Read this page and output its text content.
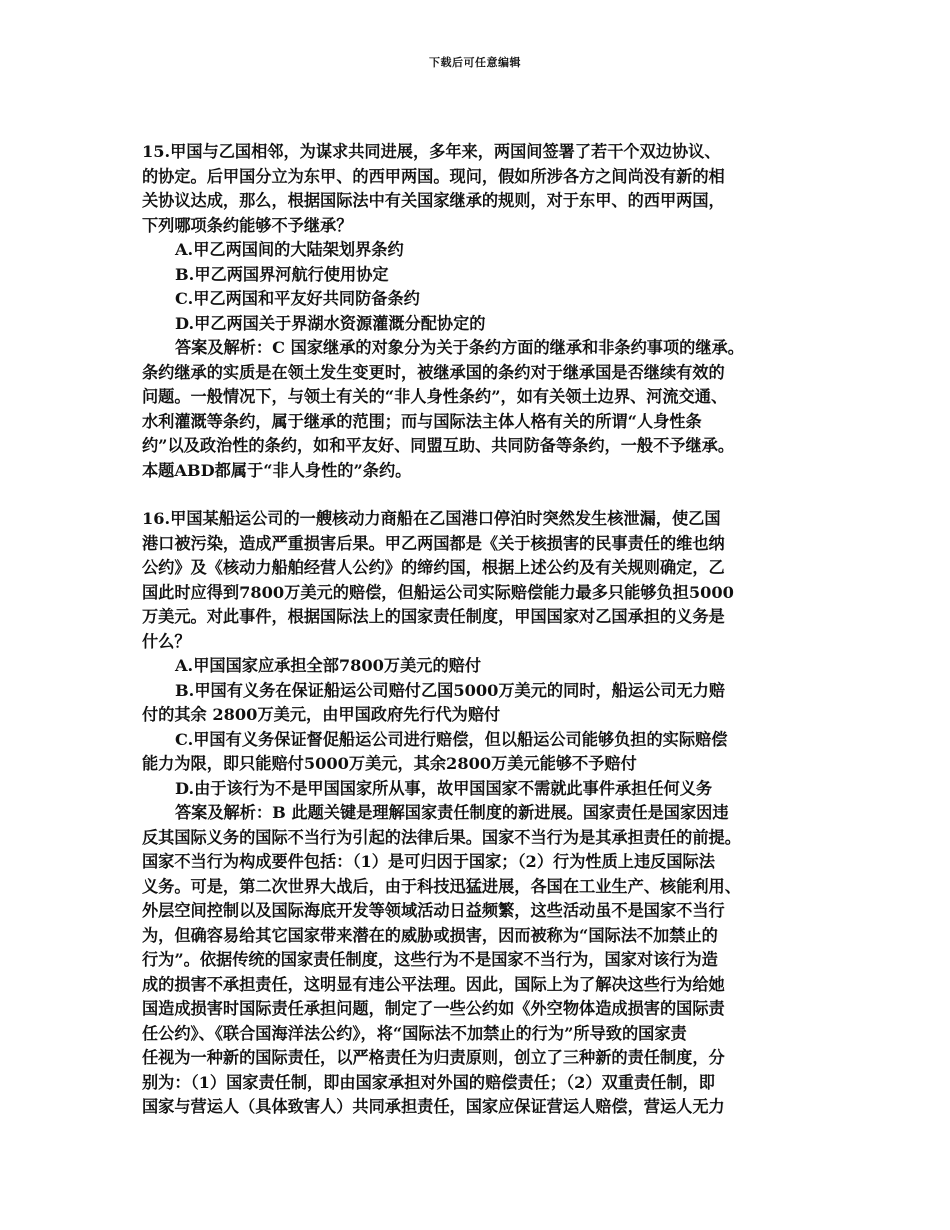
下载后可任意编辑
15.甲国与乙国相邻，为谋求共同进展，多年来，两国间签署了若干个双边协议、
的协定。后甲国分立为东甲、的西甲两国。现问，假如所涉各方之间尚没有新的相
关协议达成，那么，根据国际法中有关国家继承的规则，对于东甲、的西甲两国，
下列哪项条约能够不予继承？
A.甲乙两国间的大陆架划界条约
B.甲乙两国界河航行使用协定
C.甲乙两国和平友好共同防备条约
D.甲乙两国关于界湖水资源灌溉分配协定的
答案及解析：C 国家继承的对象分为关于条约方面的继承和非条约事项的继承。
条约继承的实质是在领土发生变更时，被继承国的条约对于继承国是否继续有效的
问题。一般情况下，与领土有关的“非人身性条约”，如有关领土边界、河流交通、
水利灌溉等条约，属于继承的范围；而与国际法主体人格有关的所谓“人身性条
约”以及政治性的条约，如和平友好、同盟互助、共同防备等条约，一般不予继承。
本题ABD都属于“非人身性的”条约。
16.甲国某船运公司的一艘核动力商船在乙国港口停泊时突然发生核泄漏，使乙国
港口被污染，造成严重损害后果。甲乙两国都是《关于核损害的民事责任的维也纳
公约》及《核动力船舶经营人公约》的缔约国，根据上述公约及有关规则确定，乙
国此时应得到7800万美元的赔偿，但船运公司实际赔偿能力最多只能够负担5000
万美元。对此事件，根据国际法上的国家责任制度，甲国国家对乙国承担的义务是
什么？
A.甲国国家应承担全部7800万美元的赔付
B.甲国有义务在保证船运公司赔付乙国5000万美元的同时，船运公司无力赔
付的其余 2800万美元，由甲国政府先行代为赔付
C.甲国有义务保证督促船运公司进行赔偿，但以船运公司能够负担的实际赔偿
能力为限，即只能赔付5000万美元，其余2800万美元能够不予赔付
D.由于该行为不是甲国国家所从事，故甲国国家不需就此事件承担任何义务
答案及解析：B 此题关键是理解国家责任制度的新进展。国家责任是国家因违
反其国际义务的国际不当行为引起的法律后果。国家不当行为是其承担责任的前提。
国家不当行为构成要件包括：（1）是可归因于国家；（2）行为性质上违反国际法
义务。可是，第二次世界大战后，由于科技迅猛进展，各国在工业生产、核能利用、
外层空间控制以及国际海底开发等领域活动日益频繁，这些活动虽不是国家不当行
为，但确容易给其它国家带来潜在的威胁或损害，因而被称为“国际法不加禁止的
行为”。依据传统的国家责任制度，这些行为不是国家不当行为，国家对该行为造
成的损害不承担责任，这明显有违公平法理。因此，国际上为了解决这些行为给她
国造成损害时国际责任承担问题，制定了一些公约如《外空物体造成损害的国际责
任公约》、《联合国海洋法公约》，将“国际法不加禁止的行为”所导致的国家责
任视为一种新的国际责任，以严格责任为归责原则，创立了三种新的责任制度，分
别为：（1）国家责任制，即由国家承担对外国的赔偿责任；（2）双重责任制，即
国家与营运人（具体致害人）共同承担责任，国家应保证营运人赔偿，营运人无力
